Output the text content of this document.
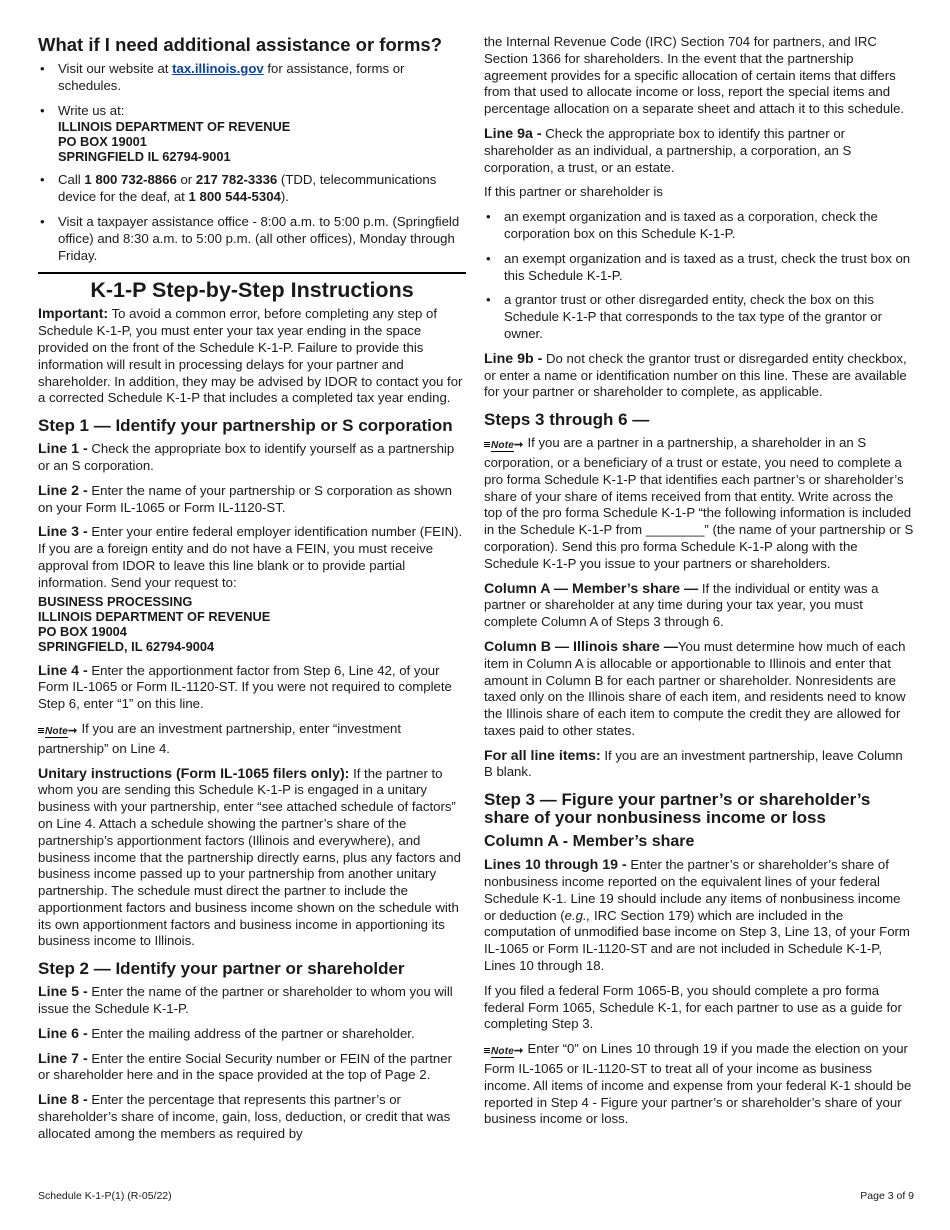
What if I need additional assistance or forms?
• Visit our website at tax.illinois.gov for assistance, forms or schedules.
• Write us at:
ILLINOIS DEPARTMENT OF REVENUE
PO BOX 19001
SPRINGFIELD IL 62794-9001
• Call 1 800 732-8866 or 217 782-3336 (TDD, telecommunications device for the deaf, at 1 800 544-5304).
• Visit a taxpayer assistance office - 8:00 a.m. to 5:00 p.m. (Springfield office) and 8:30 a.m. to 5:00 p.m. (all other offices), Monday through Friday.
K-1-P Step-by-Step Instructions

Important: To avoid a common error, before completing any step of Schedule K-1-P, you must enter your tax year ending in the space provided on the front of the Schedule K-1-P. Failure to provide this information will result in processing delays for your partner and shareholder. In addition, they may be advised by IDOR to contact you for a corrected Schedule K-1-P that includes a completed tax year ending.

Step 1 — Identify your partnership or S corporation

Line 1 - Check the appropriate box to identify yourself as a partnership or an S corporation.

Line 2 - Enter the name of your partnership or S corporation as shown on your Form IL-1065 or Form IL-1120-ST.

Line 3 - Enter your entire federal employer identification number (FEIN). If you are a foreign entity and do not have a FEIN, you must receive approval from IDOR to leave this line blank or to provide partial information. Send your request to:

BUSINESS PROCESSING
ILLINOIS DEPARTMENT OF REVENUE
PO BOX 19004
SPRINGFIELD, IL 62794-9004

Line 4 - Enter the apportionment factor from Step 6, Line 42, of your Form IL-1065 or Form IL-1120-ST. If you were not required to complete Step 6, enter “1” on this line.

Note➞ If you are an investment partnership, enter “investment partnership” on Line 4.

Unitary instructions (Form IL-1065 filers only): If the partner to whom you are sending this Schedule K-1-P is engaged in a unitary business with your partnership, enter “see attached schedule of factors” on Line 4. Attach a schedule showing the partner’s share of the partnership’s apportionment factors (Illinois and everywhere), and business income that the partnership directly earns, plus any factors and business income passed up to your partnership from another unitary partnership. The schedule must direct the partner to include the apportionment factors and business income shown on the schedule with its own apportionment factors and business income in apportioning its business income to Illinois.

Step 2 — Identify your partner or shareholder

Line 5 - Enter the name of the partner or shareholder to whom you will issue the Schedule K-1-P.

Line 6 - Enter the mailing address of the partner or shareholder.

Line 7 - Enter the entire Social Security number or FEIN of the partner or shareholder here and in the space provided at the top of Page 2.

Line 8 - Enter the percentage that represents this partner’s or shareholder’s share of income, gain, loss, deduction, or credit that was allocated among the members as required by

the Internal Revenue Code (IRC) Section 704 for partners, and IRC Section 1366 for shareholders. In the event that the partnership agreement provides for a specific allocation of certain items that differs from that used to allocate income or loss, report the special items and percentage allocation on a separate sheet and attach it to this schedule.

Line 9a - Check the appropriate box to identify this partner or shareholder as an individual, a partnership, a corporation, an S corporation, a trust, or an estate.

If this partner or shareholder is

• an exempt organization and is taxed as a corporation, check the corporation box on this Schedule K-1-P.
• an exempt organization and is taxed as a trust, check the trust box on this Schedule K-1-P.
• a grantor trust or other disregarded entity, check the box on this Schedule K-1-P that corresponds to the tax type of the grantor or owner.

Line 9b - Do not check the grantor trust or disregarded entity checkbox, or enter a name or identification number on this line. These are available for your partner or shareholder to complete, as applicable.

Steps 3 through 6 —

Note➞ If you are a partner in a partnership, a shareholder in an S corporation, or a beneficiary of a trust or estate, you need to complete a pro forma Schedule K-1-P that identifies each partner’s or shareholder’s share of your share of items received from that entity. Write across the top of the pro forma Schedule K-1-P “the following information is included in the Schedule K-1-P from ________” (the name of your partnership or S corporation). Send this pro forma Schedule K-1-P along with the Schedule K-1-P you issue to your partners or shareholders.

Column A — Member’s share — If the individual or entity was a partner or shareholder at any time during your tax year, you must complete Column A of Steps 3 through 6.

Column B — Illinois share —You must determine how much of each item in Column A is allocable or apportionable to Illinois and enter that amount in Column B for each partner or shareholder. Nonresidents are taxed only on the Illinois share of each item, and residents need to know the Illinois share of each item to compute the credit they are allowed for taxes paid to other states.

For all line items: If you are an investment partnership, leave Column B blank.

Step 3 — Figure your partner’s or shareholder’s share of your nonbusiness income or loss
Column A - Member’s share

Lines 10 through 19 - Enter the partner’s or shareholder’s share of nonbusiness income reported on the equivalent lines of your federal Schedule K-1. Line 19 should include any items of nonbusiness income or deduction (e.g., IRC Section 179) which are included in the computation of unmodified base income on Step 3, Line 13, of your Form IL-1065 or Form IL-1120-ST and are not included in Schedule K-1-P, Lines 10 through 18.

If you filed a federal Form 1065-B, you should complete a pro forma federal Form 1065, Schedule K-1, for each partner to use as a guide for completing Step 3.

Note➞ Enter “0” on Lines 10 through 19 if you made the election on your Form IL-1065 or IL-1120-ST to treat all of your income as business income. All items of income and expense from your federal K-1 should be reported in Step 4 - Figure your partner’s or shareholder’s share of your business income or loss.

Schedule K-1-P(1) (R-05/22)	Page 3 of 9
